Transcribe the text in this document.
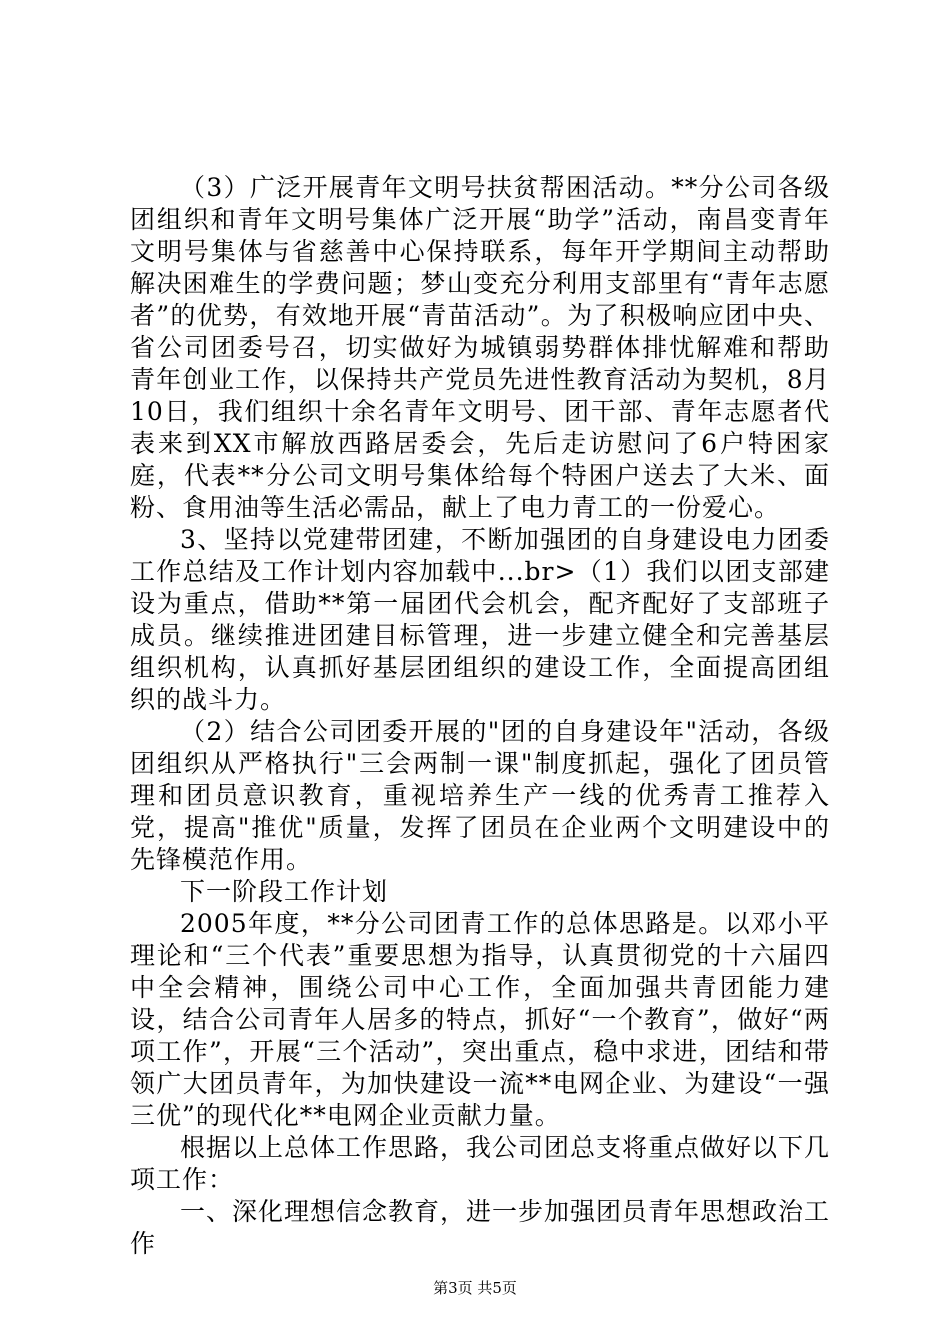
（3）广泛开展青年文明号扶贫帮困活动。**分公司各级团组织和青年文明号集体广泛开展“助学”活动，南昌变青年文明号集体与省慈善中心保持联系，每年开学期间主动帮助解决困难生的学费问题；梦山变充分利用支部里有“青年志愿者”的优势，有效地开展“青苗活动”。为了积极响应团中央、省公司团委号召，切实做好为城镇弱势群体排忧解难和帮助青年创业工作，以保持共产党员先进性教育活动为契机，8月10日，我们组织十余名青年文明号、团干部、青年志愿者代表来到XX市解放西路居委会，先后走访慰问了6户特困家庭，代表**分公司文明号集体给每个特困户送去了大米、面粉、食用油等生活必需品，献上了电力青工的一份爱心。

3、坚持以党建带团建，不断加强团的自身建设电力团委工作总结及工作计划内容加载中...br>（1）我们以团支部建设为重点，借助**第一届团代会机会，配齐配好了支部班子成员。继续推进团建目标管理，进一步建立健全和完善基层组织机构，认真抓好基层团组织的建设工作，全面提高团组织的战斗力。

（2）结合公司团委开展的"团的自身建设年"活动，各级团组织从严格执行"三会两制一课"制度抓起，强化了团员管理和团员意识教育，重视培养生产一线的优秀青工推荐入党，提高"推优"质量，发挥了团员在企业两个文明建设中的先锋模范作用。

下一阶段工作计划

2005年度，**分公司团青工作的总体思路是。以邓小平理论和“三个代表”重要思想为指导，认真贯彻党的十六届四中全会精神，围绕公司中心工作，全面加强共青团能力建设，结合公司青年人居多的特点，抓好“一个教育”，做好“两项工作”，开展“三个活动”，突出重点，稳中求进，团结和带领广大团员青年，为加快建设一流**电网企业、为建设“一强三优”的现代化**电网企业贡献力量。

根据以上总体工作思路，我公司团总支将重点做好以下几项工作：

一、深化理想信念教育，进一步加强团员青年思想政治工作

第3页 共5页
